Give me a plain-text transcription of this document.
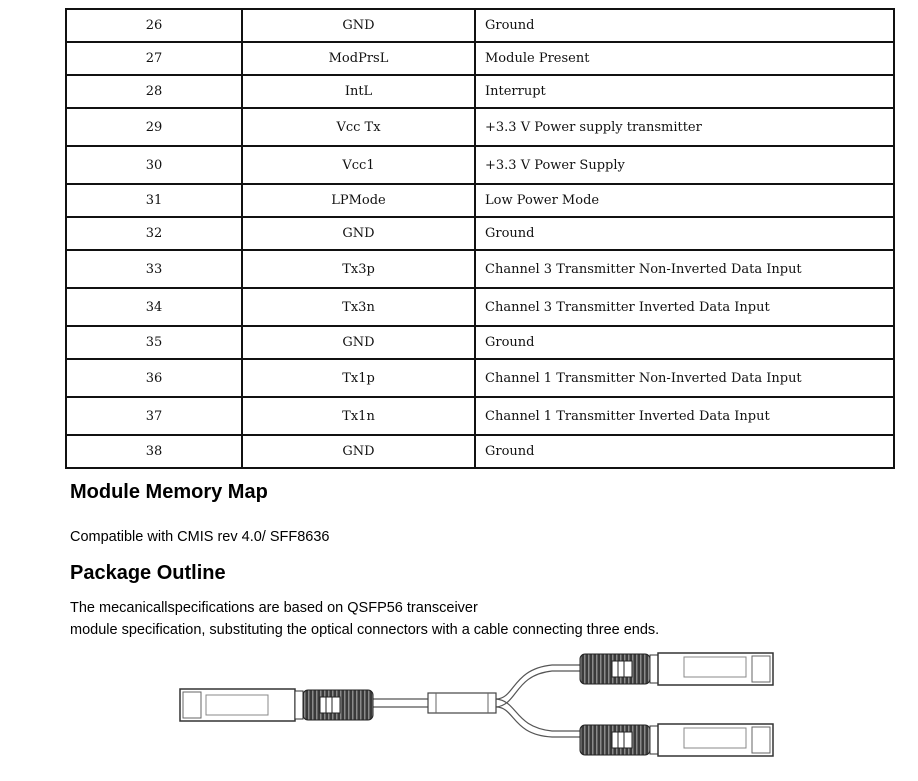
26	GND	Ground
27	ModPrsL	Module Present
28	IntL	Interrupt
29	Vcc Tx	+3.3 V Power supply transmitter
30	Vcc1	+3.3 V Power Supply
31	LPMode	Low Power Mode
32	GND	Ground
33	Tx3p	Channel 3 Transmitter Non-Inverted Data Input
34	Tx3n	Channel 3 Transmitter Inverted Data Input
35	GND	Ground
36	Tx1p	Channel 1 Transmitter Non-Inverted Data Input
37	Tx1n	Channel 1 Transmitter Inverted Data Input
38	GND	Ground
Module Memory Map

Compatible with CMIS rev 4.0/ SFF8636

Package Outline

The mecanicallspecifications are based on QSFP56 transceiver

module specification, substituting the optical connectors with a cable connecting three ends.
